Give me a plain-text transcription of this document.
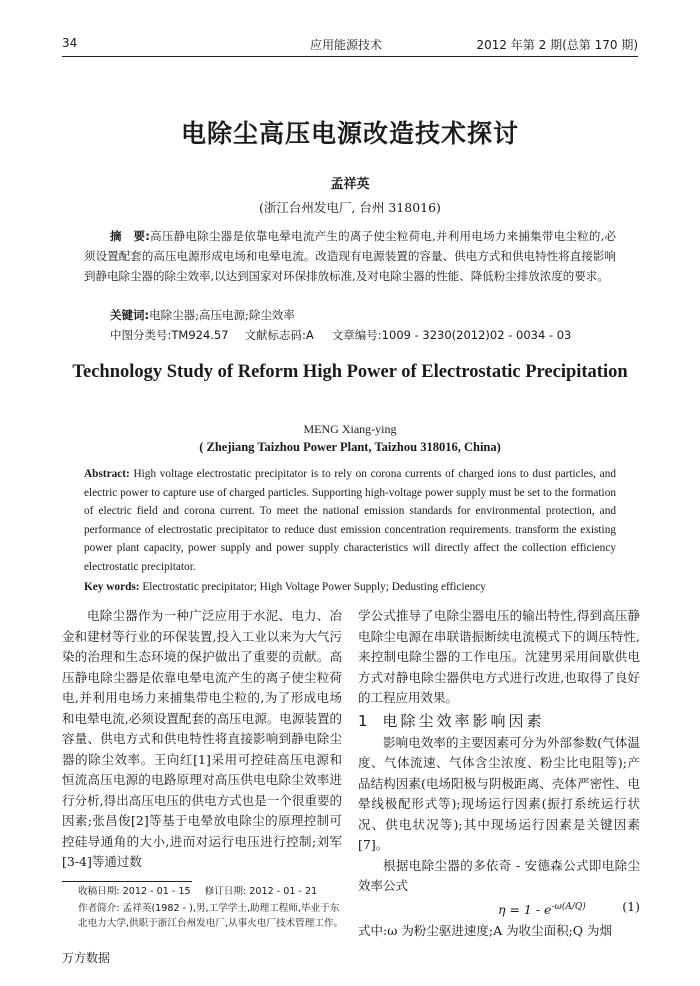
34	应用能源技术	2012 年第 2 期(总第 170 期)
电除尘高压电源改造技术探讨
孟祥英
(浙江台州发电厂, 台州 318016)
摘　要:高压静电除尘器是依靠电晕电流产生的离子使尘粒荷电,并利用电场力来捕集带电尘粒的,必须设置配套的高压电源形成电场和电晕电流。改造现有电源装置的容量、供电方式和供电特性将直接影响到静电除尘器的除尘效率,以达到国家对环保排放标准,及对电除尘器的性能、降低粉尘排放浓度的要求。
关键词:电除尘器;高压电源;除尘效率
中图分类号:TM924.57 文献标志码:A 文章编号:1009 - 3230(2012)02 - 0034 - 03
Technology Study of Reform High Power of Electrostatic Precipitation
MENG Xiang-ying
( Zhejiang Taizhou Power Plant, Taizhou 318016, China)
Abstract: High voltage electrostatic precipitator is to rely on corona currents of charged ions to dust particles, and electric power to capture use of charged particles. Supporting high-voltage power supply must be set to the formation of electric field and corona current. To meet the national emission standards for environmental protection, and performance of electrostatic precipitator to reduce dust emission concentration requirements. transform the existing power plant capacity, power supply and power supply characteristics will directly affect the collection efficiency electrostatic precipitator.
Key words: Electrostatic precipitator; High Voltage Power Supply; Dedusting efficiency

电除尘器作为一种广泛应用于水泥、电力、冶金和建材等行业的环保装置,投入工业以来为大气污染的治理和生态环境的保护做出了重要的贡献。高压静电除尘器是依靠电晕电流产生的离子使尘粒荷电,并利用电场力来捕集带电尘粒的,为了形成电场和电晕电流,必须设置配套的高压电源。电源装置的容量、供电方式和供电特性将直接影响到静电除尘器的除尘效率。王向红[1]采用可控硅高压电源和恒流高压电源的电路原理对高压供电电除尘效率进行分析,得出高压电压的供电方式也是一个很重要的因素;张昌俊[2]等基于电晕放电除尘的原理控制可控硅导通角的大小,进而对运行电压进行控制;刘军[3-4]等通过数

学公式推导了电除尘器电压的输出特性,得到高压静电除尘电源在串联谐振断续电流模式下的调压特性,来控制电除尘器的工作电压。沈建男采用间歇供电方式对静电除尘器供电方式进行改进,也取得了良好的工程应用效果。

1 电除尘效率影响因素

影响电效率的主要因素可分为外部参数(气体温度、气体流速、气体含尘浓度、粉尘比电阻等);产品结构因素(电场阳极与阴极距离、壳体严密性、电晕线极配形式等);现场运行因素(振打系统运行状况、供电状况等);其中现场运行因素是关键因素[7]。

根据电除尘器的多依奇 - 安德森公式即电除尘效率公式

$\eta = 1 - e^{-\omega(A/Q)}$	(1)

式中:ω 为粉尘驱进速度;A 为收尘面积;Q 为烟

收稿日期: 2012 - 01 - 15 修订日期: 2012 - 01 - 21
作者简介: 孟祥英(1982 - ),男,工学学士,助理工程师,毕业于东北电力大学,供职于浙江台州发电厂,从事火电厂技术管理工作。
万方数据
